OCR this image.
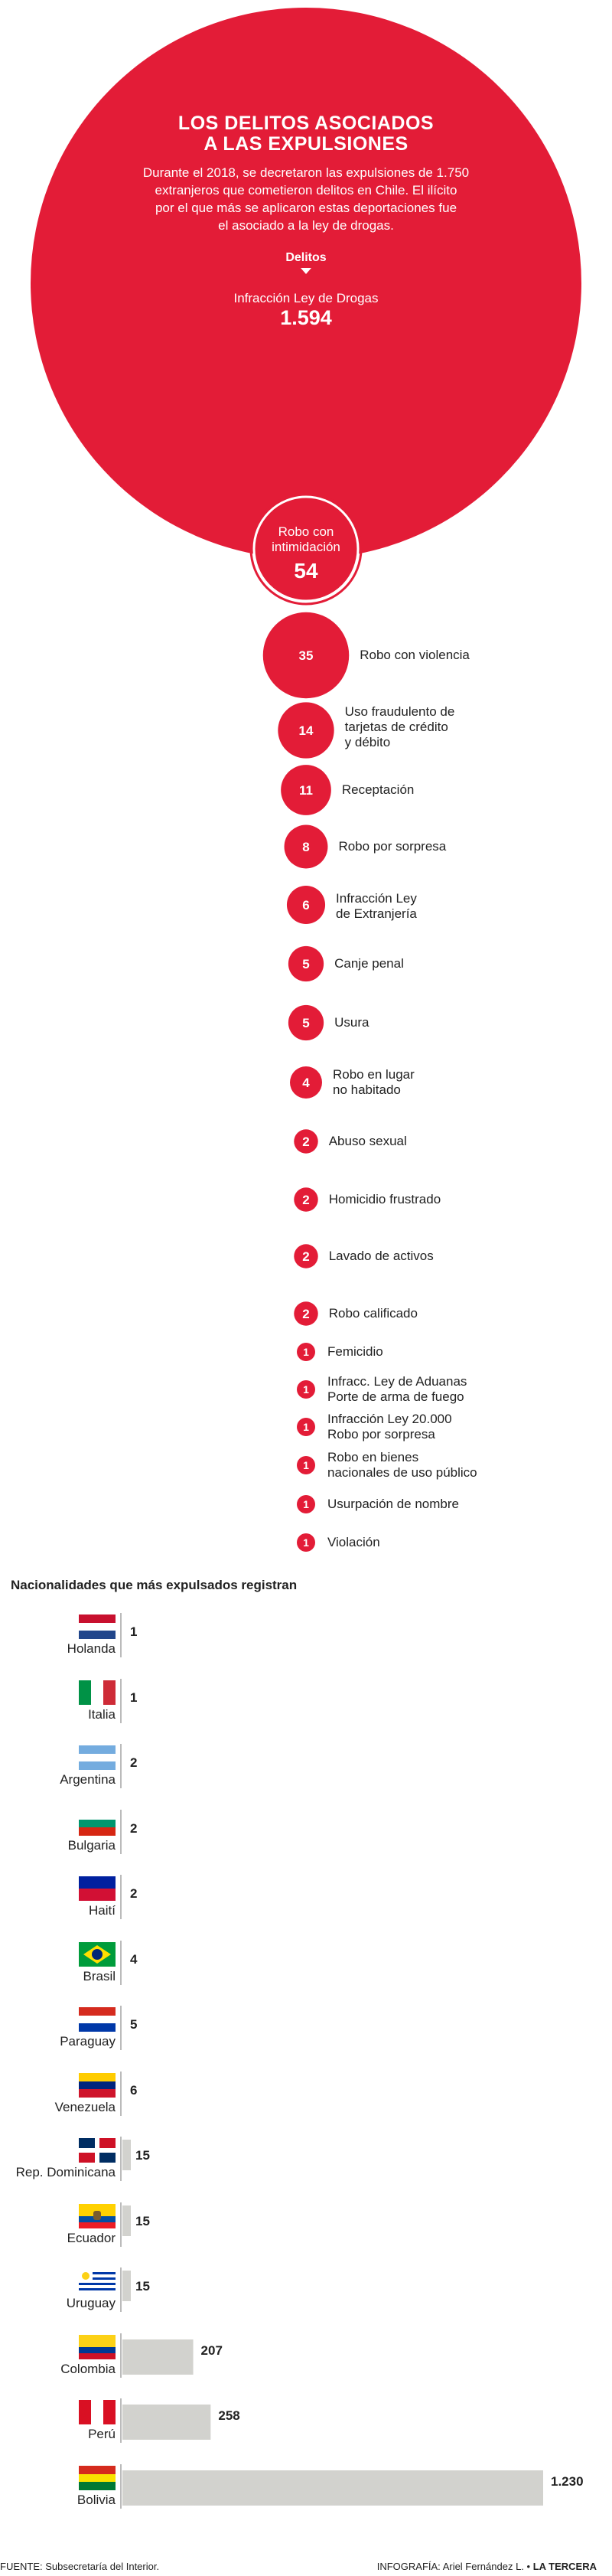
35
14
11
8
6
5
5
4
2
2
2
2
1
1
1
1
1
1
LOS DELITOS ASOCIADOS
A LAS EXPULSIONES
Durante el 2018, se decretaron las expulsiones de 1.750
extranjeros que cometieron delitos en Chile. El ilícito
por el que más se aplicaron estas deportaciones fue
el asociado a la ley de drogas.
Delitos
Infracción Ley de Drogas
1.594
Robo con
intimidación
54
Robo con violencia
Uso fraudulento de
tarjetas de crédito
y débito
Receptación
Robo por sorpresa
Infracción Ley
de Extranjería
Canje penal
Usura
Robo en lugar
no habitado
Abuso sexual
Homicidio frustrado
Lavado de activos
Robo calificado
Femicidio
Infracc. Ley de Aduanas
Porte de arma de fuego
Infracción Ley 20.000
Robo por sorpresa
Robo en bienes
nacionales de uso público
Usurpación de nombre
Violación
Nacionalidades que más expulsados registran
1
1
2
2
2
4
5
6
15
15
15
207
258
1.230
Holanda
Italia
Argentina
Bulgaria
Haití
Brasil
Paraguay
Venezuela
Rep. Dominicana
Ecuador
Uruguay
Colombia
Perú
Bolivia
FUENTE: Subsecretaría del Interior.	INFOGRAFÍA: Ariel Fernández L. • LA TERCERA
